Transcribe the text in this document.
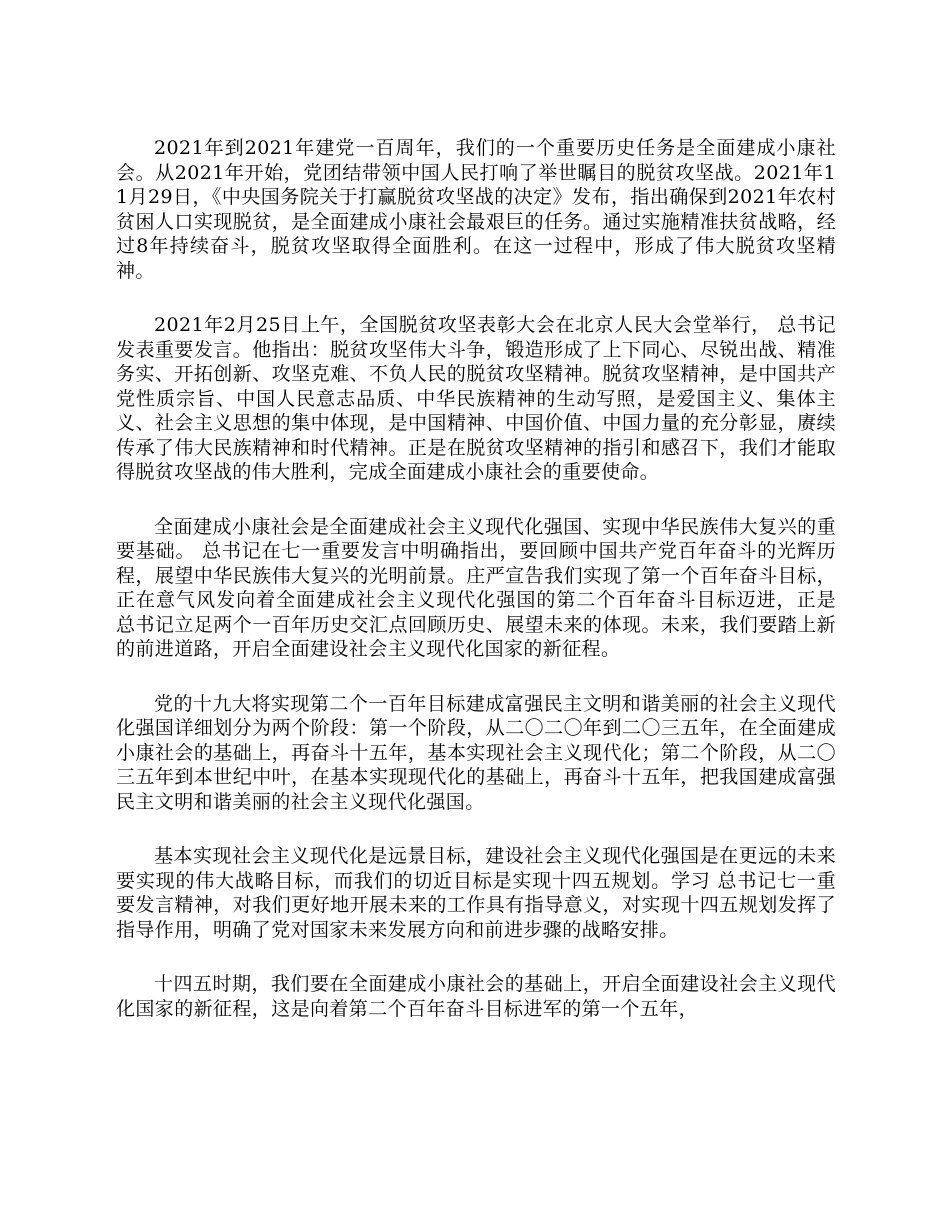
2021年到2021年建党一百周年，我们的一个重要历史任务是全面建成小康社会。从2021年开始，党团结带领中国人民打响了举世瞩目的脱贫攻坚战。2021年11月29日，《中央国务院关于打赢脱贫攻坚战的决定》发布，指出确保到2021年农村贫困人口实现脱贫，是全面建成小康社会最艰巨的任务。通过实施精准扶贫战略，经过8年持续奋斗，脱贫攻坚取得全面胜利。在这一过程中，形成了伟大脱贫攻坚精神。

2021年2月25日上午，全国脱贫攻坚表彰大会在北京人民大会堂举行， 总书记发表重要发言。他指出：脱贫攻坚伟大斗争，锻造形成了上下同心、尽锐出战、精准务实、开拓创新、攻坚克难、不负人民的脱贫攻坚精神。脱贫攻坚精神，是中国共产党性质宗旨、中国人民意志品质、中华民族精神的生动写照，是爱国主义、集体主义、社会主义思想的集中体现，是中国精神、中国价值、中国力量的充分彰显，赓续传承了伟大民族精神和时代精神。正是在脱贫攻坚精神的指引和感召下，我们才能取得脱贫攻坚战的伟大胜利，完成全面建成小康社会的重要使命。

全面建成小康社会是全面建成社会主义现代化强国、实现中华民族伟大复兴的重要基础。 总书记在七一重要发言中明确指出，要回顾中国共产党百年奋斗的光辉历程，展望中华民族伟大复兴的光明前景。庄严宣告我们实现了第一个百年奋斗目标，正在意气风发向着全面建成社会主义现代化强国的第二个百年奋斗目标迈进，正是 总书记立足两个一百年历史交汇点回顾历史、展望未来的体现。未来，我们要踏上新的前进道路，开启全面建设社会主义现代化国家的新征程。

党的十九大将实现第二个一百年目标建成富强民主文明和谐美丽的社会主义现代化强国详细划分为两个阶段：第一个阶段，从二〇二〇年到二〇三五年，在全面建成小康社会的基础上，再奋斗十五年，基本实现社会主义现代化；第二个阶段，从二〇三五年到本世纪中叶，在基本实现现代化的基础上，再奋斗十五年，把我国建成富强民主文明和谐美丽的社会主义现代化强国。

基本实现社会主义现代化是远景目标，建设社会主义现代化强国是在更远的未来要实现的伟大战略目标，而我们的切近目标是实现十四五规划。学习 总书记七一重要发言精神，对我们更好地开展未来的工作具有指导意义，对实现十四五规划发挥了指导作用，明确了党对国家未来发展方向和前进步骤的战略安排。

十四五时期，我们要在全面建成小康社会的基础上，开启全面建设社会主义现代化国家的新征程，这是向着第二个百年奋斗目标进军的第一个五年，
